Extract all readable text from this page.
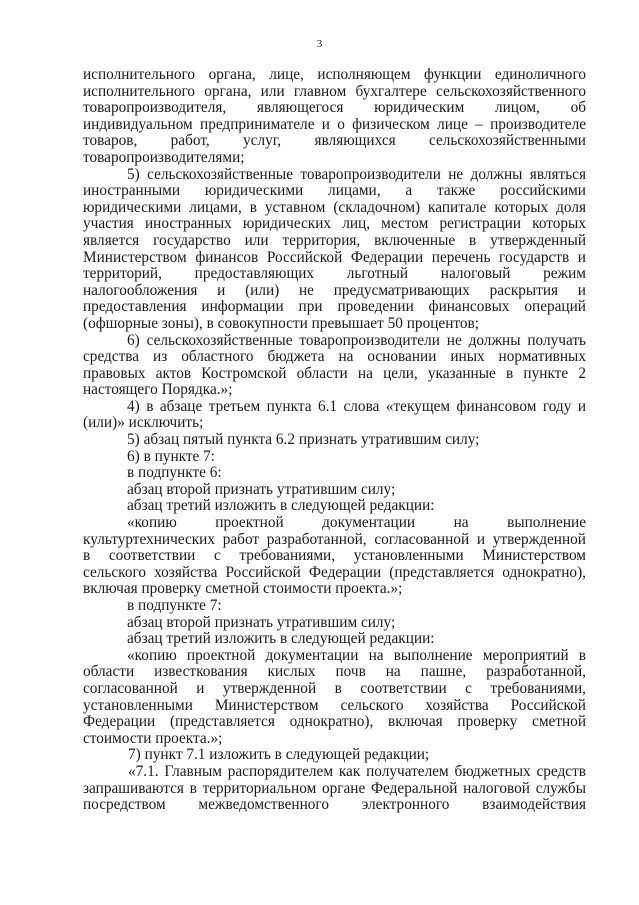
3
исполнительного органа, лице, исполняющем функции единоличного
исполнительного органа, или главном бухгалтере сельскохозяйственного
товаропроизводителя, являющегося юридическим лицом, об
индивидуальном предпринимателе и о физическом лице – производителе
товаров, работ, услуг, являющихся сельскохозяйственными
товаропроизводителями;
5) сельскохозяйственные товаропроизводители не должны являться
иностранными юридическими лицами, а также российскими
юридическими лицами, в уставном (складочном) капитале которых доля
участия иностранных юридических лиц, местом регистрации которых
является государство или территория, включенные в утвержденный
Министерством финансов Российской Федерации перечень государств и
территорий, предоставляющих льготный налоговый режим
налогообложения и (или) не предусматривающих раскрытия и
предоставления информации при проведении финансовых операций
(офшорные зоны), в совокупности превышает 50 процентов;
6) сельскохозяйственные товаропроизводители не должны получать
средства из областного бюджета на основании иных нормативных
правовых актов Костромской области на цели, указанные в пункте 2
настоящего Порядка.»;
4) в абзаце третьем пункта 6.1 слова «текущем финансовом году и
(или)» исключить;
5) абзац пятый пункта 6.2 признать утратившим силу;
6) в пункте 7:
в подпункте 6:
абзац второй признать утратившим силу;
абзац третий изложить в следующей редакции:
«копию проектной документации на выполнение
культуртехнических работ разработанной, согласованной и утвержденной
в соответствии с требованиями, установленными Министерством
сельского хозяйства Российской Федерации (представляется однократно),
включая проверку сметной стоимости проекта.»;
в подпункте 7:
абзац второй признать утратившим силу;
абзац третий изложить в следующей редакции:
«копию проектной документации на выполнение мероприятий в
области известкования кислых почв на пашне, разработанной,
согласованной и утвержденной в соответствии с требованиями,
установленными Министерством сельского хозяйства Российской
Федерации (представляется однократно), включая проверку сметной
стоимости проекта.»;
7) пункт 7.1 изложить в следующей редакции;
«7.1. Главным распорядителем как получателем бюджетных средств
запрашиваются в территориальном органе Федеральной налоговой службы
посредством межведомственного электронного взаимодействия
